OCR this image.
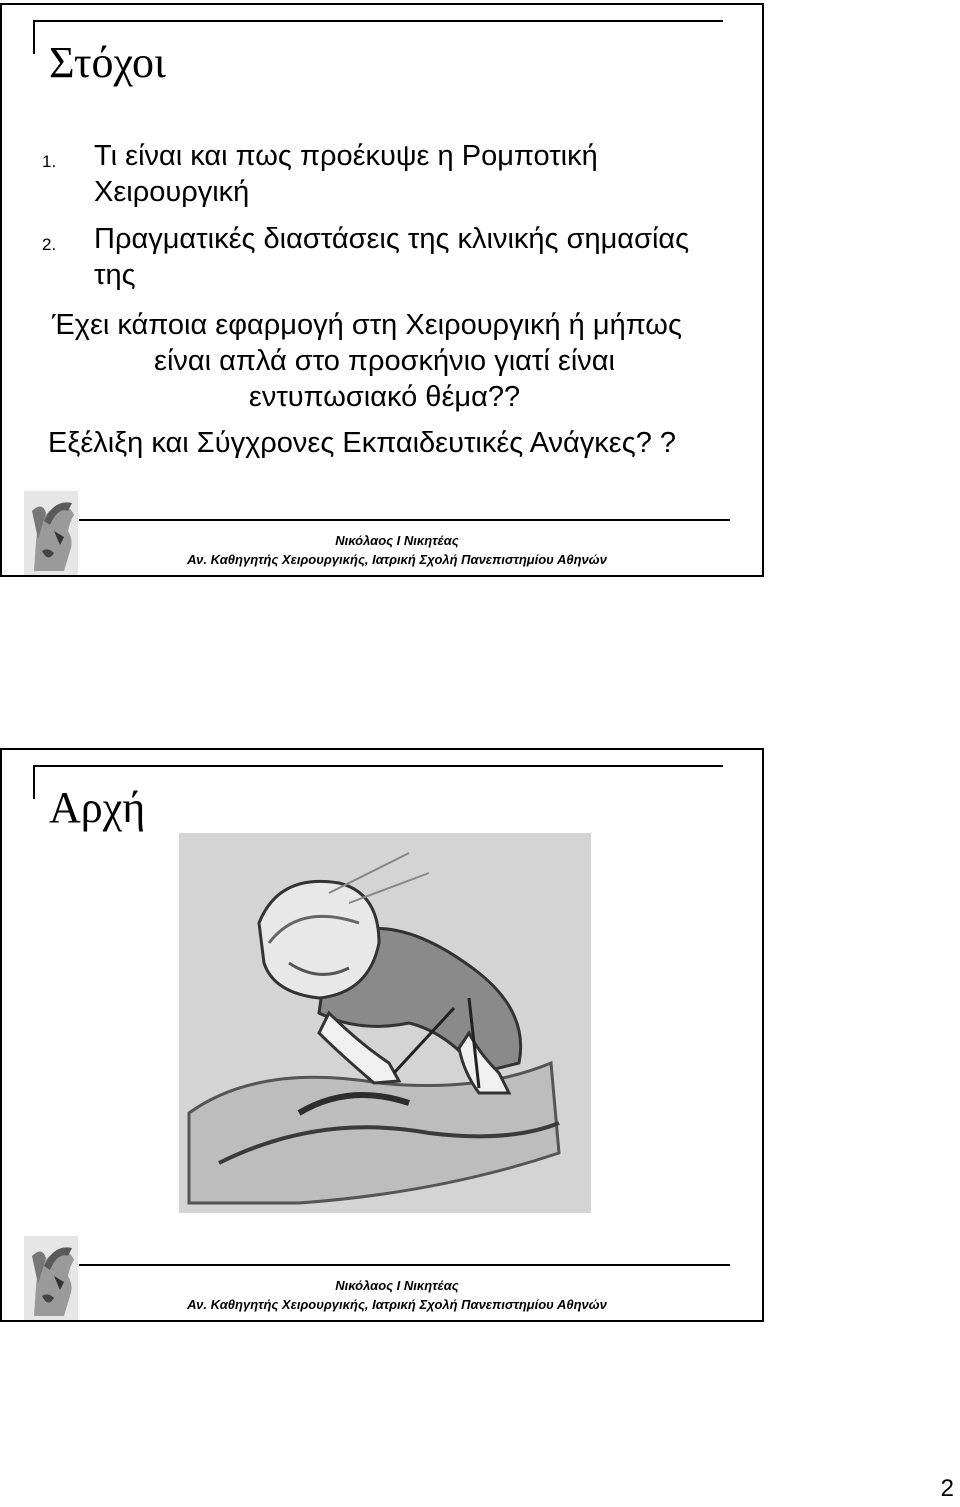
Στόχοι
1. Τι είναι και πως προέκυψε η Ρομποτική Χειρουργική

2. Πραγματικές διαστάσεις της κλινικής σημασίας της

Έχει κάποια εφαρμογή στη Χειρουργική ή μήπως

είναι απλά στο προσκήνιο γιατί είναι

εντυπωσιακό θέμα??

Εξέλιξη και Σύγχρονες Εκπαιδευτικές Ανάγκες? ?

Νικόλαος Ι Νικητέας
Αν. Καθηγητής Χειρουργικής, Ιατρική Σχολή Πανεπιστημίου Αθηνών
Αρχή
Νικόλαος Ι Νικητέας
Αν. Καθηγητής Χειρουργικής, Ιατρική Σχολή Πανεπιστημίου Αθηνών
2
